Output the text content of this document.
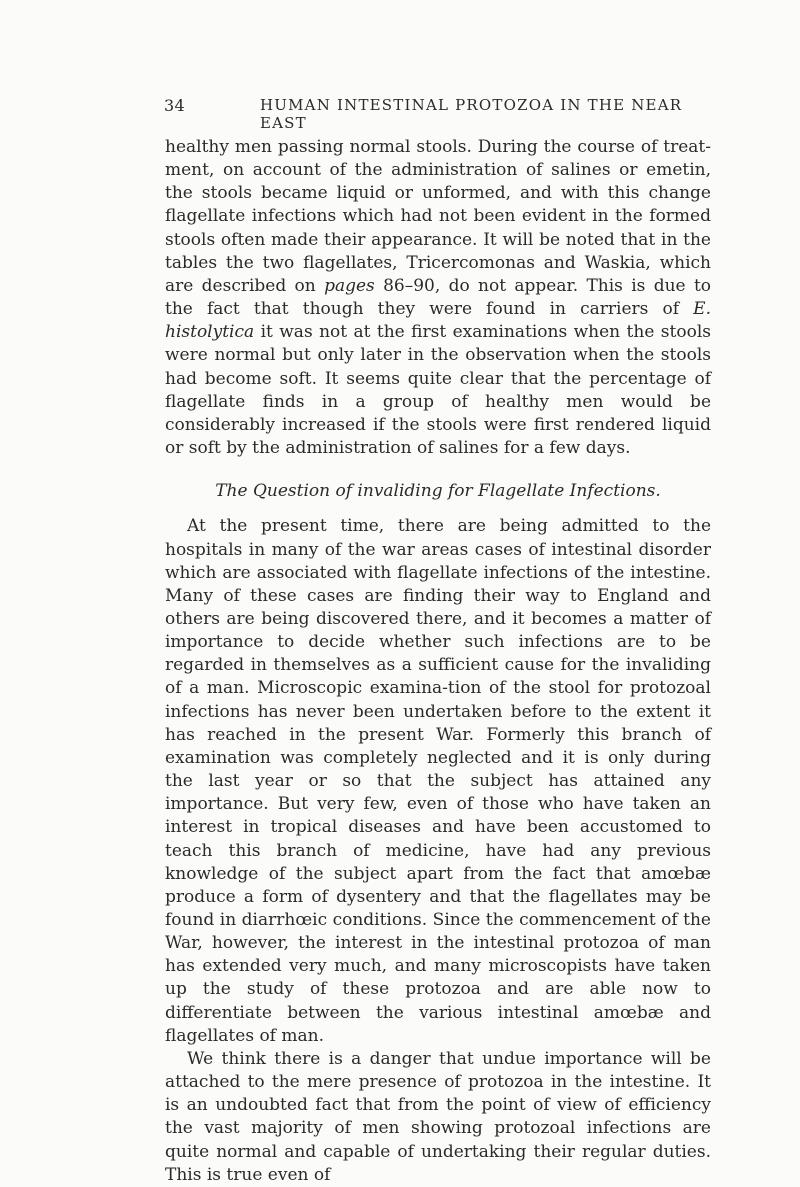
34	HUMAN INTESTINAL PROTOZOA IN THE NEAR EAST

healthy men passing normal stools. During the course of treat-ment, on account of the administration of salines or emetin, the stools became liquid or unformed, and with this change flagellate infections which had not been evident in the formed stools often made their appearance. It will be noted that in the tables the two flagellates, Tricercomonas and Waskia, which are described on pages 86–90, do not appear. This is due to the fact that though they were found in carriers of E. histolytica it was not at the first examinations when the stools were normal but only later in the observation when the stools had become soft. It seems quite clear that the percentage of flagellate finds in a group of healthy men would be considerably increased if the stools were first rendered liquid or soft by the administration of salines for a few days.

The Question of invaliding for Flagellate Infections.

At the present time, there are being admitted to the hospitals in many of the war areas cases of intestinal disorder which are associated with flagellate infections of the intestine. Many of these cases are finding their way to England and others are being discovered there, and it becomes a matter of importance to decide whether such infections are to be regarded in themselves as a sufficient cause for the invaliding of a man. Microscopic examina-tion of the stool for protozoal infections has never been undertaken before to the extent it has reached in the present War. Formerly this branch of examination was completely neglected and it is only during the last year or so that the subject has attained any importance. But very few, even of those who have taken an interest in tropical diseases and have been accustomed to teach this branch of medicine, have had any previous knowledge of the subject apart from the fact that amœbæ produce a form of dysentery and that the flagellates may be found in diarrhœic conditions. Since the commencement of the War, however, the interest in the intestinal protozoa of man has extended very much, and many microscopists have taken up the study of these protozoa and are able now to differentiate between the various intestinal amœbæ and flagellates of man.

We think there is a danger that undue importance will be attached to the mere presence of protozoa in the intestine. It is an undoubted fact that from the point of view of efficiency the vast majority of men showing protozoal infections are quite normal and capable of undertaking their regular duties. This is true even of
